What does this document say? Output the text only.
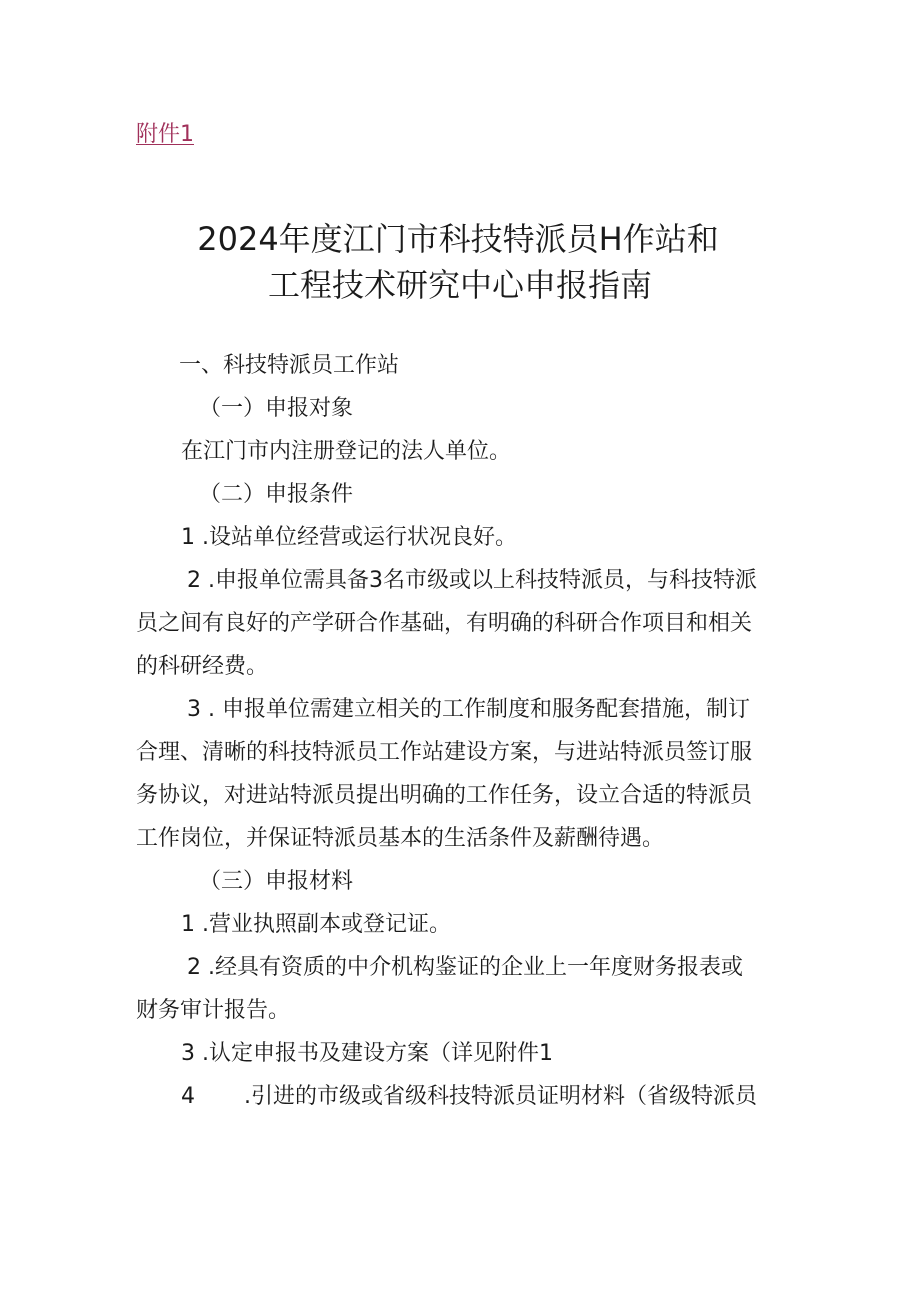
附件1
2024年度江门市科技特派员H作站和
工程技术研究中心申报指南
一、科技特派员工作站
（一）申报对象
在江门市内注册登记的法人单位。
（二）申报条件
1 .设站单位经营或运行状况良好。
2 .申报单位需具备3名市级或以上科技特派员，与科技特派
员之间有良好的产学研合作基础，有明确的科研合作项目和相关
的科研经费。
3 . 申报单位需建立相关的工作制度和服务配套措施，制订
合理、清晰的科技特派员工作站建设方案，与进站特派员签订服
务协议，对进站特派员提出明确的工作任务，设立合适的特派员
工作岗位，并保证特派员基本的生活条件及薪酬待遇。
（三）申报材料
1 .营业执照副本或登记证。
2 .经具有资质的中介机构鉴证的企业上一年度财务报表或
财务审计报告。
3 .认定申报书及建设方案（详见附件1
4 .引进的市级或省级科技特派员证明材料（省级特派员
